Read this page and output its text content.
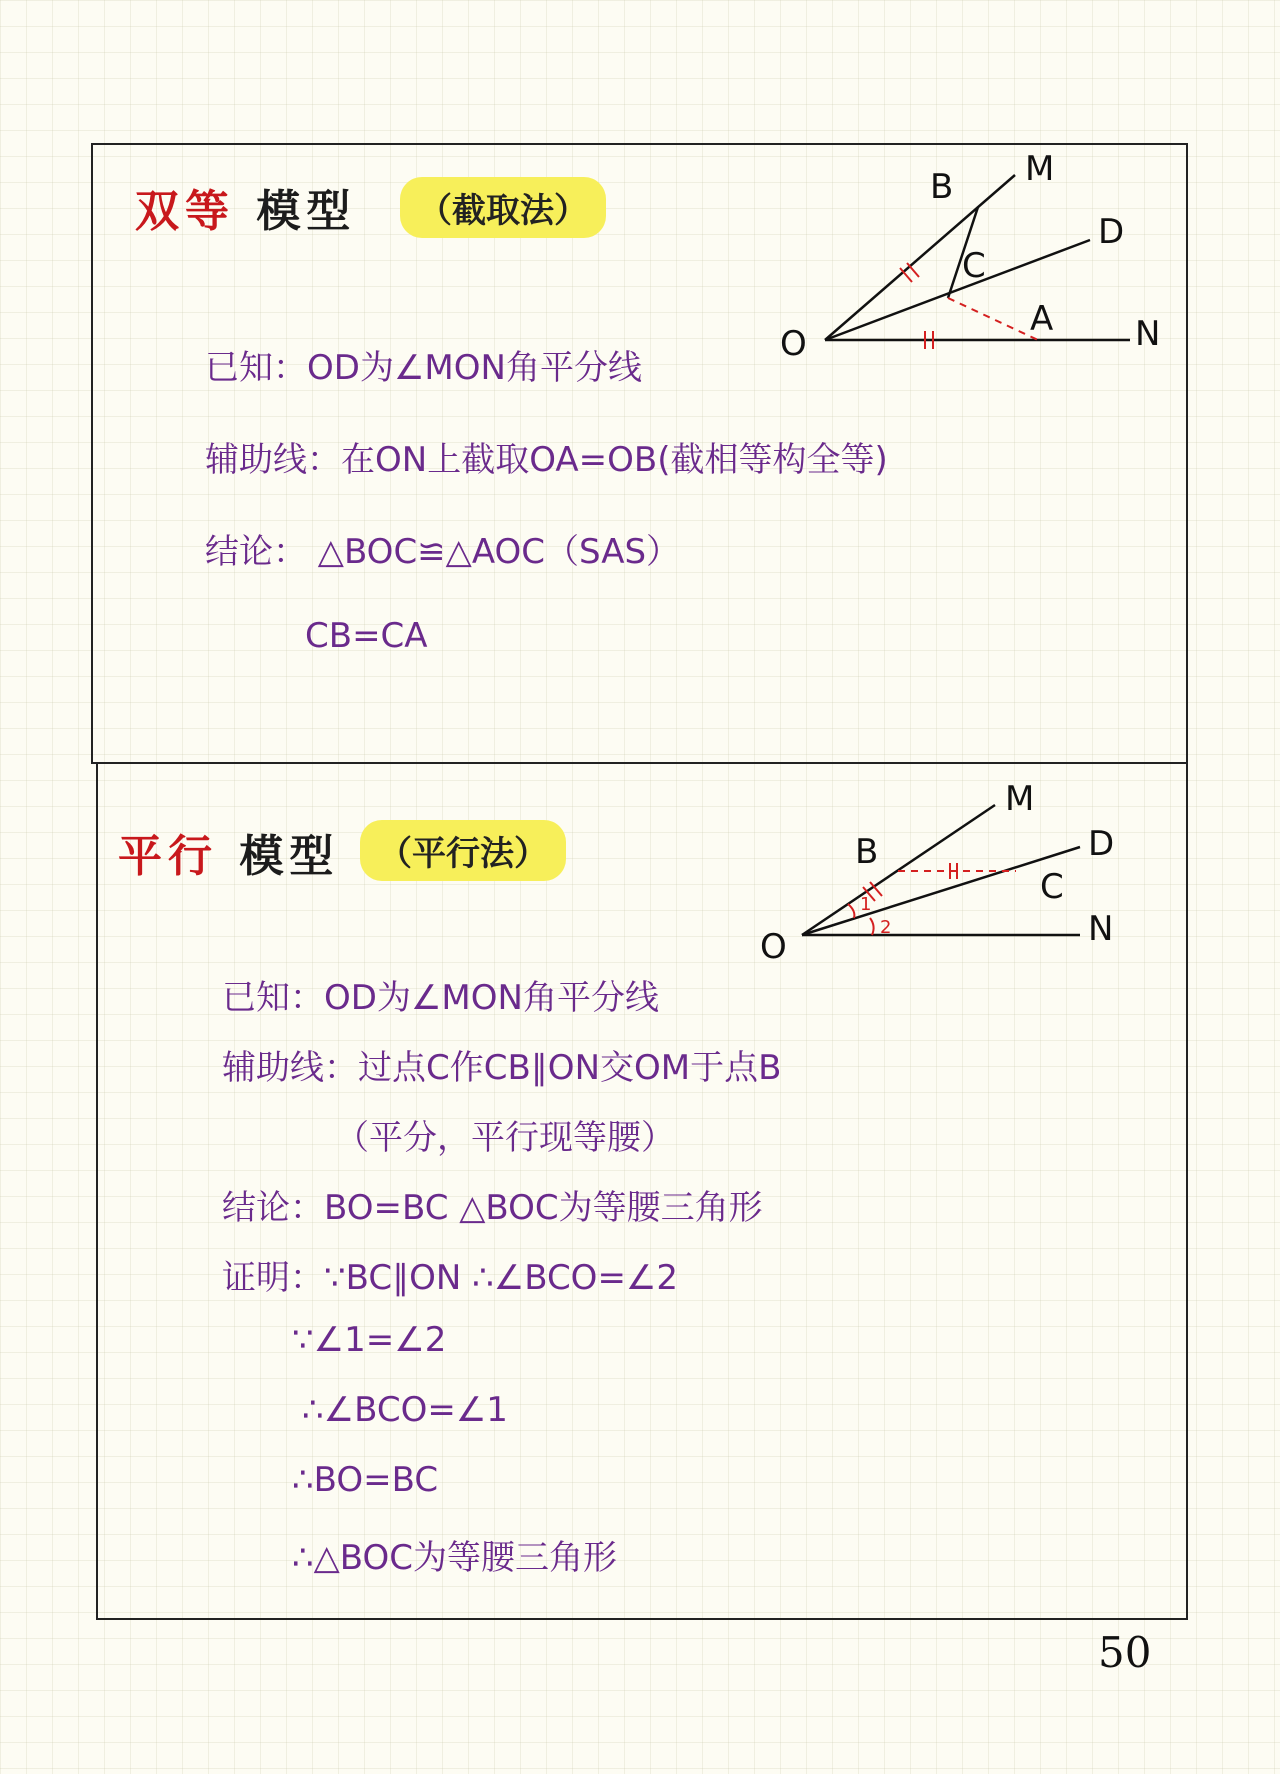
双等 模型	（截取法）
B M
C
D
O
A N
已知：OD为∠MON角平分线
辅助线：在ON上截取OA=OB(截相等构全等)
结论： △BOC≌△AOC（SAS）
CB=CA
平行 模型	（平行法）
1
2
B
M
C
D
O	N
已知：OD为∠MON角平分线
辅助线：过点C作CB∥ON交OM于点B
（平分，平行现等腰）
结论：BO=BC △BOC为等腰三角形
证明：∵BC∥ON ∴∠BCO=∠2
∵∠1=∠2
∴∠BCO=∠1
∴BO=BC
∴△BOC为等腰三角形
50
